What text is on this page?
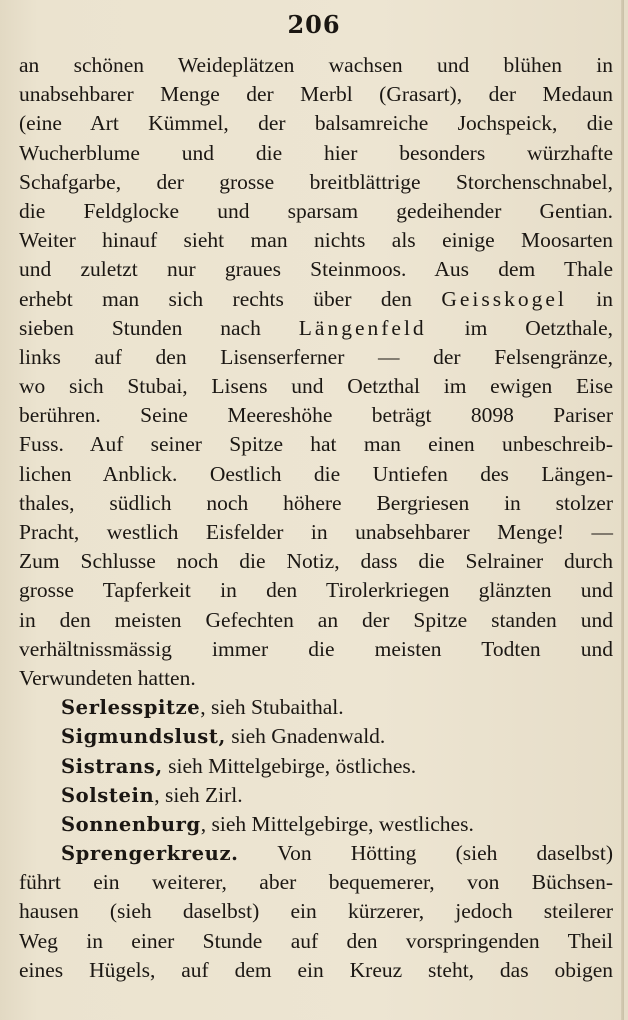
206
an schönen Weideplätzen wachsen und blühen in
unabsehbarer Menge der Merbl (Grasart), der Medaun
(eine Art Kümmel, der balsamreiche Jochspeick, die
Wucherblume und die hier besonders würzhafte
Schafgarbe, der grosse breitblättrige Storchenschnabel,
die Feldglocke und sparsam gedeihender Gentian.
Weiter hinauf sieht man nichts als einige Moosarten
und zuletzt nur graues Steinmoos. Aus dem Thale
erhebt man sich rechts über den Geisskogel in
sieben Stunden nach Längenfeld im Oetzthale,
links auf den Lisenserferner — der Felsengränze,
wo sich Stubai, Lisens und Oetzthal im ewigen Eise
berühren. Seine Meereshöhe beträgt 8098 Pariser
Fuss. Auf seiner Spitze hat man einen unbeschreib-
lichen Anblick. Oestlich die Untiefen des Längen-
thales, südlich noch höhere Bergriesen in stolzer
Pracht, westlich Eisfelder in unabsehbarer Menge! —
Zum Schlusse noch die Notiz, dass die Selrainer durch
grosse Tapferkeit in den Tirolerkriegen glänzten und
in den meisten Gefechten an der Spitze standen und
verhältnissmässig immer die meisten Todten und
Verwundeten hatten.
Serlesspitze, sieh Stubaithal.
Sigmundslust, sieh Gnadenwald.
Sistrans, sieh Mittelgebirge, östliches.
Solstein, sieh Zirl.
Sonnenburg, sieh Mittelgebirge, westliches.
Sprengerkreuz. Von Hötting (sieh daselbst)
führt ein weiterer, aber bequemerer, von Büchsen-
hausen (sieh daselbst) ein kürzerer, jedoch steilerer
Weg in einer Stunde auf den vorspringenden Theil
eines Hügels, auf dem ein Kreuz steht, das obigen
